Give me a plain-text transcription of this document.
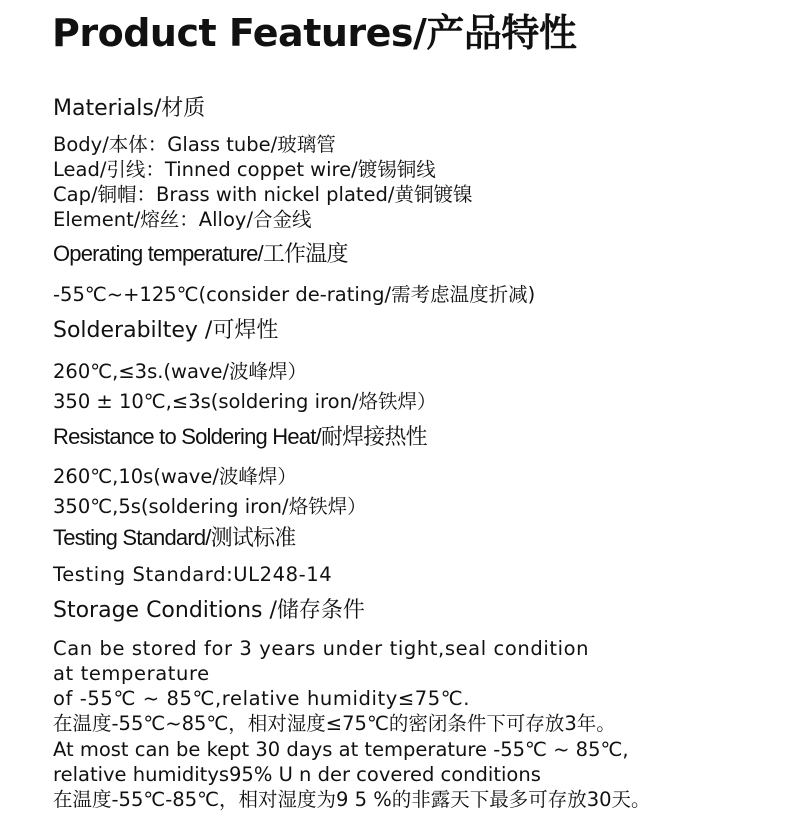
Product Features/产品特性
Materials/材质
Body/本体：Glass tube/玻璃管
Lead/引线：Tinned coppet wire/镀锡铜线
Cap/铜帽：Brass with nickel plated/黄铜镀镍
Element/熔丝：Alloy/合金线
Operating temperature/工作温度
-55℃~+125℃(consider de-rating/需考虑温度折减)
Solderabiltey /可焊性
260℃,≤3s.(wave/波峰焊）
350 ± 10℃,≤3s(soldering iron/烙铁焊）
Resistance to Soldering Heat/耐焊接热性
260℃,10s(wave/波峰焊）
350℃,5s(soldering iron/烙铁焊）
Testing Standard/测试标准
Testing Standard:UL248-14
Storage Conditions /储存条件
Can be stored for 3 years under tight,seal condition
at temperature
of -55℃ ~ 85℃,relative humidity≤75℃.
在温度-55℃~85℃，相对湿度≤75℃的密闭条件下可存放3年。
At most can be kept 30 days at temperature -55℃ ~ 85℃,
relative humiditys95% U n der covered conditions
在温度-55℃-85℃，相对湿度为9 5 %的非露天下最多可存放30天。
